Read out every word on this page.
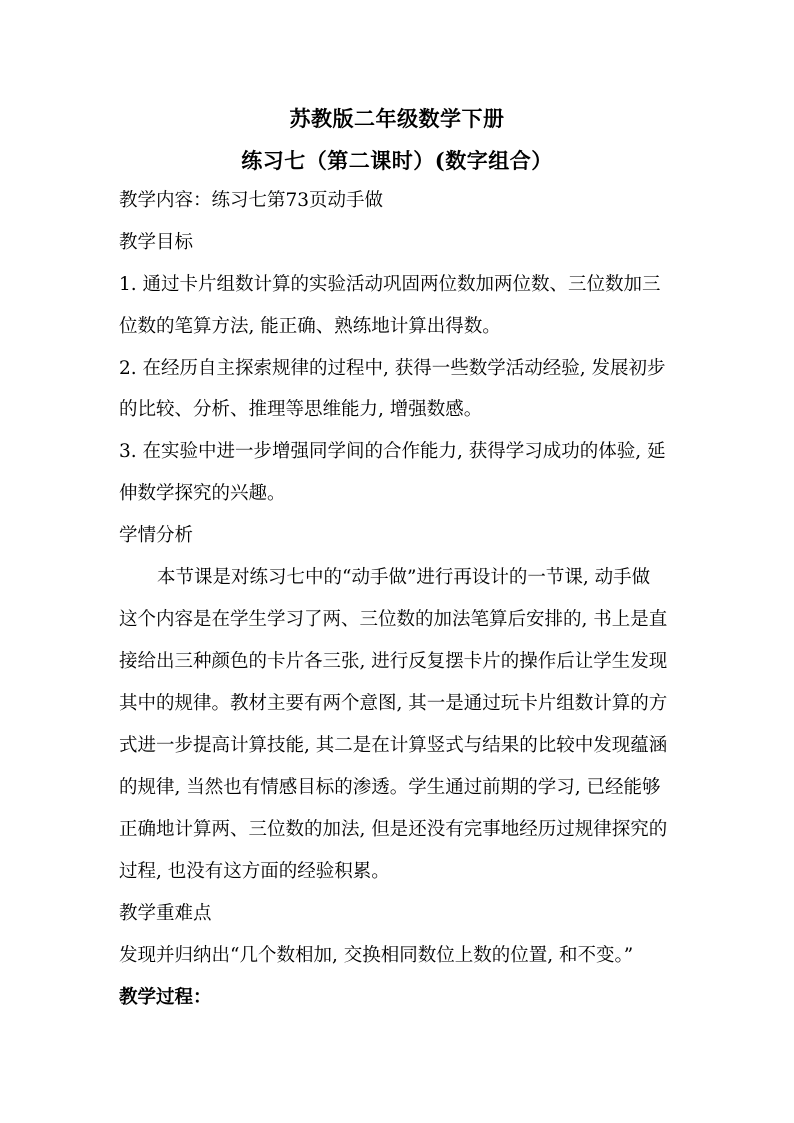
苏教版二年级数学下册
练习七（第二课时）(数字组合）
教学内容：练习七第73页动手做
教学目标
1. 通过卡片组数计算的实验活动巩固两位数加两位数、三位数加三
位数的笔算方法, 能正确、熟练地计算出得数。
2. 在经历自主探索规律的过程中, 获得一些数学活动经验, 发展初步
的比较、分析、推理等思维能力, 增强数感。
3. 在实验中进一步增强同学间的合作能力, 获得学习成功的体验, 延
伸数学探究的兴趣。
学情分析
本节课是对练习七中的“动手做”进行再设计的一节课, 动手做
这个内容是在学生学习了两、三位数的加法笔算后安排的, 书上是直
接给出三种颜色的卡片各三张, 进行反复摆卡片的操作后让学生发现
其中的规律。教材主要有两个意图, 其一是通过玩卡片组数计算的方
式进一步提高计算技能, 其二是在计算竖式与结果的比较中发现蕴涵
的规律, 当然也有情感目标的渗透。学生通过前期的学习, 已经能够
正确地计算两、三位数的加法, 但是还没有完事地经历过规律探究的
过程, 也没有这方面的经验积累。
教学重难点
发现并归纳出“几个数相加, 交换相同数位上数的位置, 和不变。”
教学过程：
